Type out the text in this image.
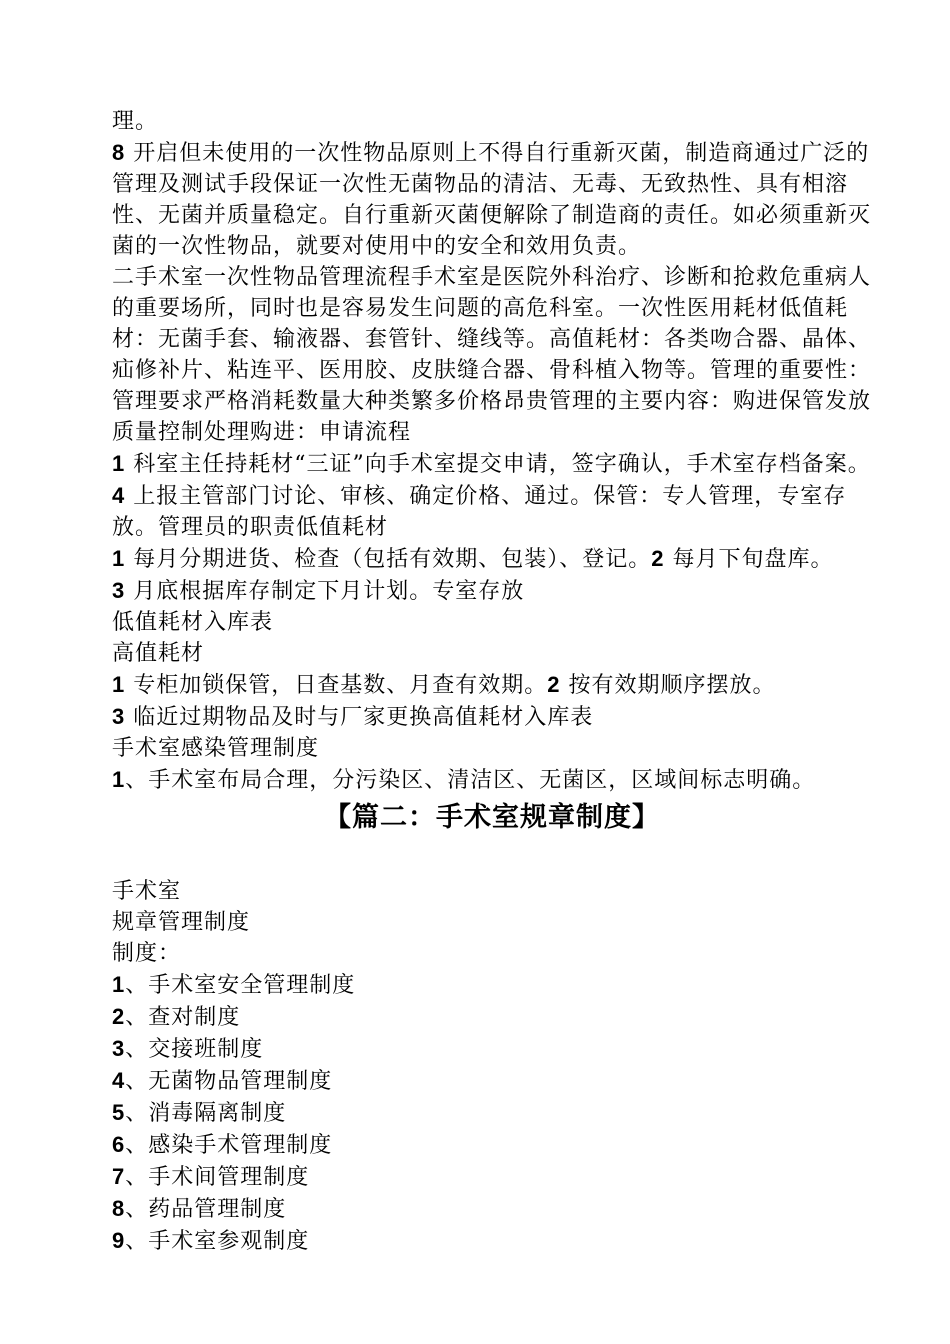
理。

8 开启但未使用的一次性物品原则上不得自行重新灭菌，制造商通过广泛的管理及测试手段保证一次性无菌物品的清洁、无毒、无致热性、具有相溶性、无菌并质量稳定。自行重新灭菌便解除了制造商的责任。如必须重新灭菌的一次性物品，就要对使用中的安全和效用负责。

二手术室一次性物品管理流程手术室是医院外科治疗、诊断和抢救危重病人的重要场所，同时也是容易发生问题的高危科室。一次性医用耗材低值耗材：无菌手套、输液器、套管针、缝线等。高值耗材：各类吻合器、晶体、疝修补片、粘连平、医用胶、皮肤缝合器、骨科植入物等。管理的重要性：管理要求严格消耗数量大种类繁多价格昂贵管理的主要内容：购进保管发放质量控制处理购进：申请流程

1 科室主任持耗材“三证”向手术室提交申请，签字确认，手术室存档备案。

4 上报主管部门讨论、审核、确定价格、通过。保管：专人管理，专室存放。管理员的职责低值耗材

1 每月分期进货、检查（包括有效期、包装）、登记。2 每月下旬盘库。

3 月底根据库存制定下月计划。专室存放

低值耗材入库表

高值耗材

1 专柜加锁保管，日查基数、月查有效期。2 按有效期顺序摆放。

3 临近过期物品及时与厂家更换高值耗材入库表

手术室感染管理制度

1、手术室布局合理，分污染区、清洁区、无菌区，区域间标志明确。

【篇二：手术室规章制度】

手术室

规章管理制度

制度：

1、手术室安全管理制度

2、查对制度

3、交接班制度

4、无菌物品管理制度

5、消毒隔离制度

6、感染手术管理制度

7、手术间管理制度

8、药品管理制度

9、手术室参观制度
